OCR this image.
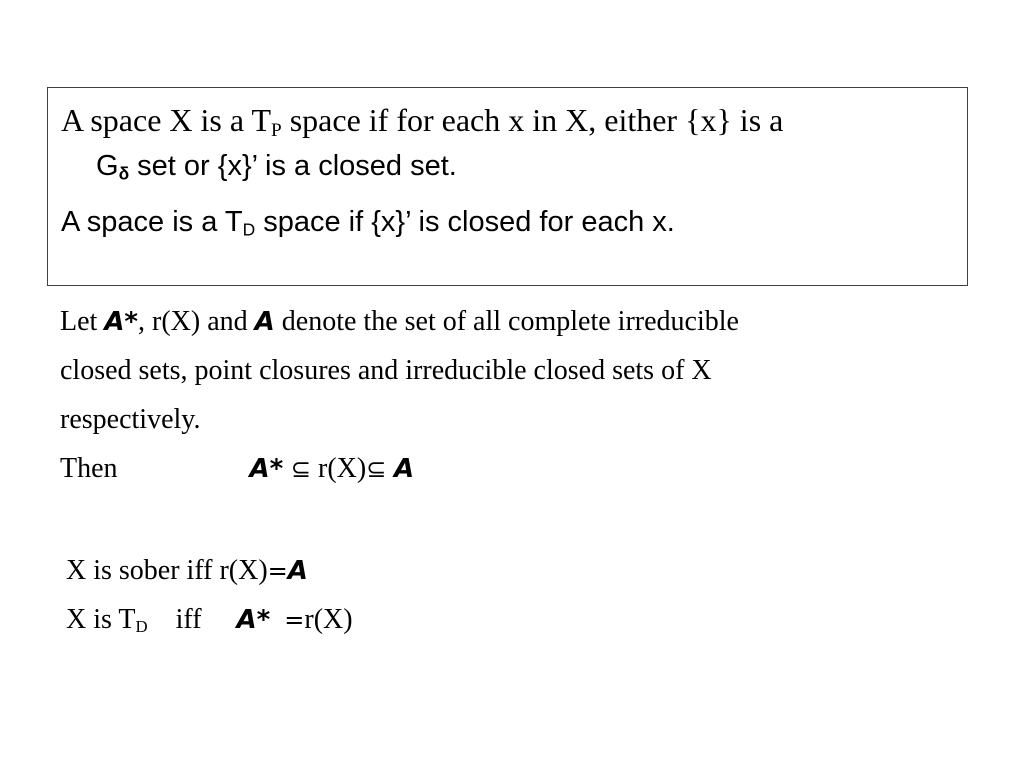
A space X is a $T_P$ space if for each x in X, either {x} is a
$G_\delta$ set or {x}’ is a closed set.
A space is a $T_D$ space if {x}’ is closed for each x.
Let A*, r(X) and A denote the set of all complete irreducible
closed sets, point closures and irreducible closed sets of X
respectively.
Then	A* ⊆ r(X)⊆ A
X is sober iff r(X)=A
X is $T_D$    iff     A* =r(X)
